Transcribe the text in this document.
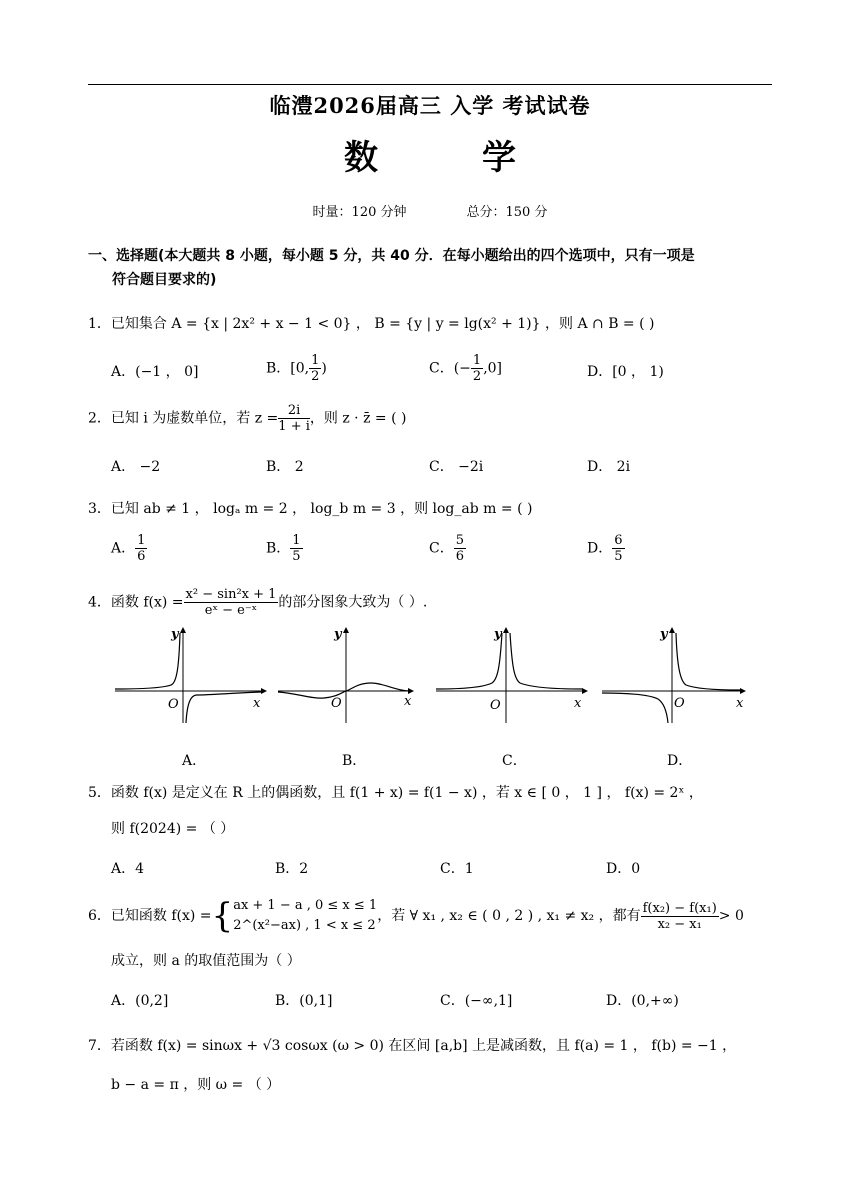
临澧2026届高三 入学 考试试卷
数	学
时量：120 分钟	总分：150 分
一、选择题(本大题共 8 小题，每小题 5 分，共 40 分．在每小题给出的四个选项中，只有一项是
符合题目要求的)
1．已知集合 A = {x | 2x² + x − 1 < 0} ， B = {y | y = lg(x² + 1)} ，则 A ∩ B = ( )
A．(−1 ， 0]	B．[0, $\frac{1}{2}$ )	C．(− $\frac{1}{2} ,0$]	D．[0 ， 1)
2．已知 i 为虚数单位，若 $z = \frac{2i}{1 + i}$ ，则 z · z̄ = ( )
A． −2	B． 2	C． −2i	D． 2i
3．已知 ab ≠ 1 ， logₐ m = 2 ， log_b m = 3 ，则 log_ab m = ( )
A． $\frac{1}{6}$	B． $\frac{1}{5}$	C． $\frac{5}{6}$	D． $\frac{6}{5}$
4．函数 $f(x) = \frac{\text{x² − sin²x + 1}}{\text{eˣ − e⁻ˣ}}$ 的部分图象大致为（ ）.
y
x
O
y
x
O
y
x
O
y
x
O
A．	B．	C．	D．
5．函数 f(x) 是定义在 R 上的偶函数，且 f(1 + x) = f(1 − x) ，若 x ∈ [ 0 ， 1 ] ， f(x) = 2ˣ ，
则 f(2024) = （ ）
A．4	B．2	C．1	D．0
6．已知函数 f(x) ={ ax + 1 − a , 0 ≤ x ≤ 1
2^(x²−ax) , 1 < x ≤ 2
，若 ∀ x₁ , x₂ ∈ ( 0 , 2 ) , x₁ ≠ x₂ ，都有 $\frac{\text{f(x₂) − f(x₁)}}{\text{x₂ − x₁}} > 0$
成立，则 a 的取值范围为（ ）
A．(0,2]	B．(0,1]	C．(−∞,1]	D．(0,+∞)
7．若函数 f(x) = sinωx + √3 cosωx (ω > 0) 在区间 [a,b] 上是减函数，且 f(a) = 1 ， f(b) = −1 ，
b − a = π ，则 ω = （ ）
